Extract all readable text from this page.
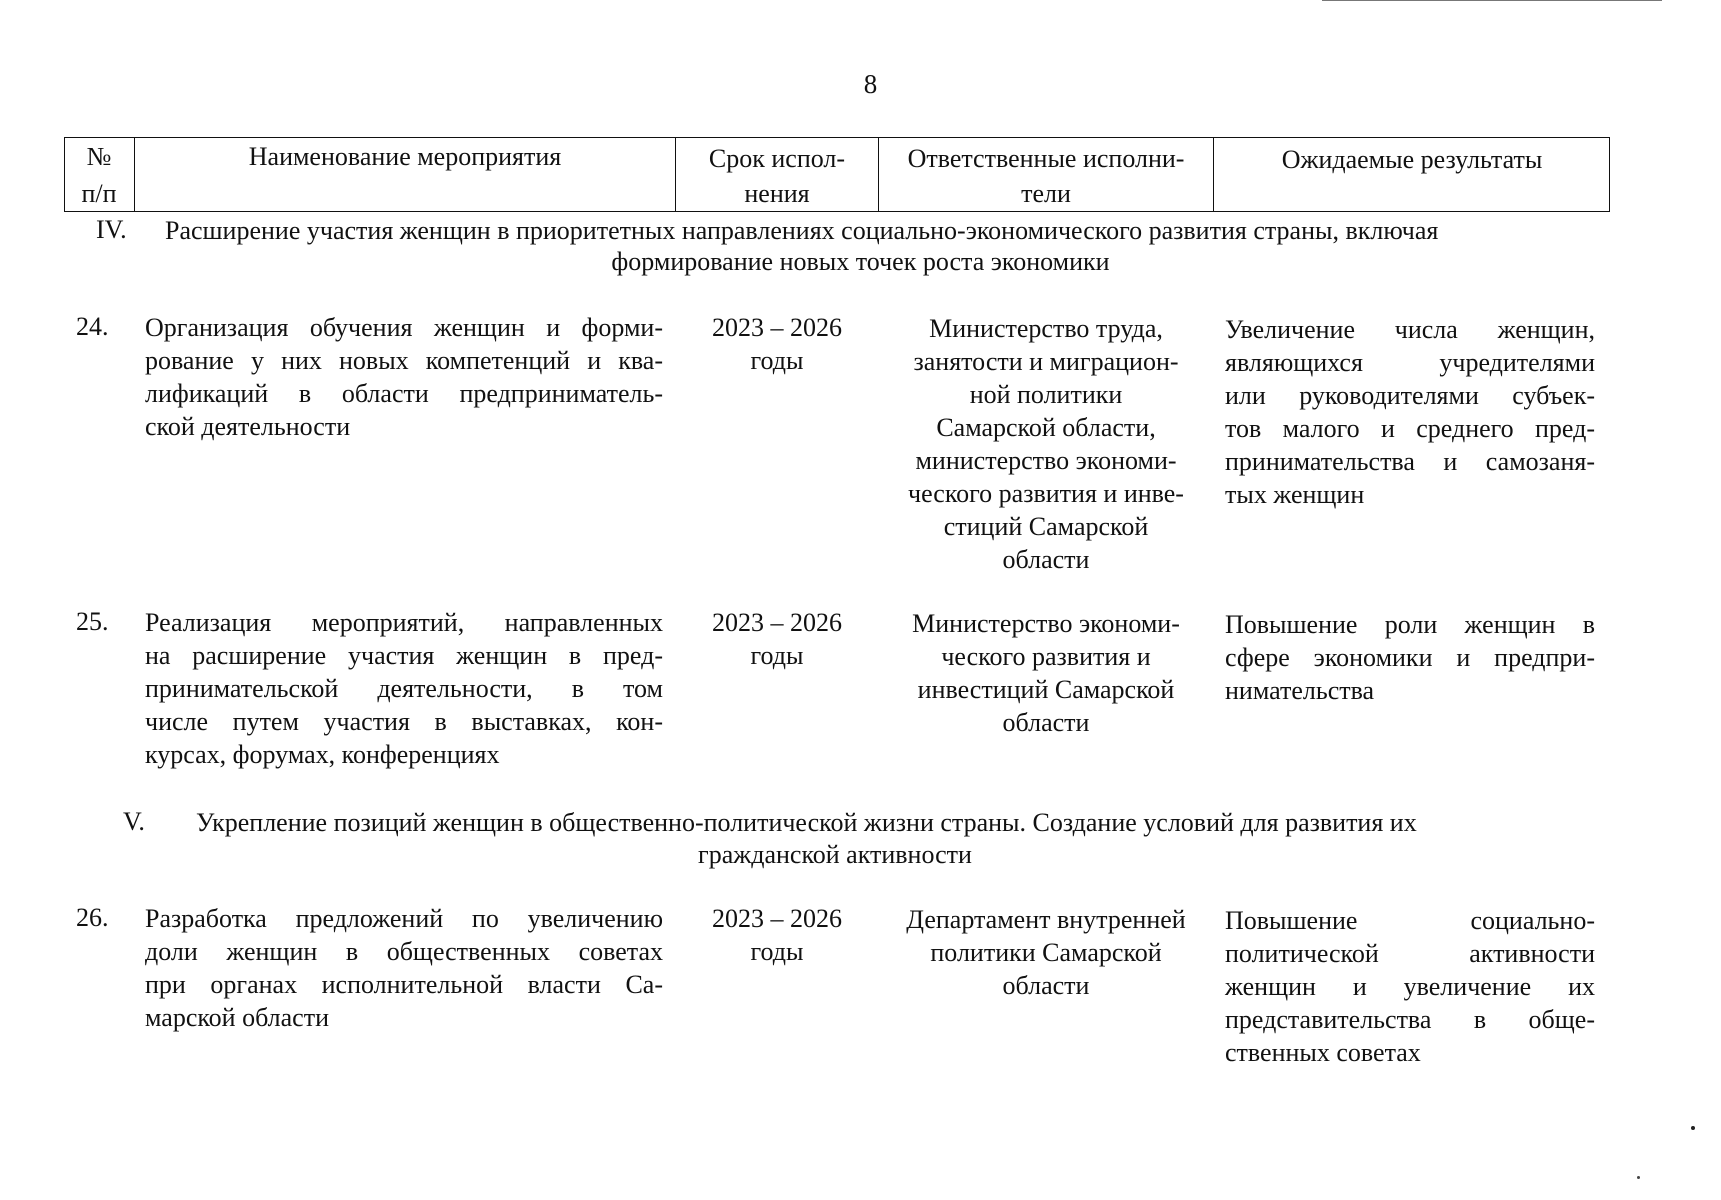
8
№
п/п
Наименование мероприятия	Срок испол-
нения
Ответственные исполни-
тели
Ожидаемые результаты
IV. Расширение участия женщин в приоритетных направлениях социально-экономического развития страны, включая
формирование новых точек роста экономики
24. Организация обучения женщин и форми-
рование у них новых компетенций и ква-
лификаций в области предприниматель-
ской деятельности
2023 – 2026
годы
Министерство труда,
занятости и миграцион-
ной политики
Самарской области,
министерство экономи-
ческого развития и инве-
стиций Самарской
области
Увеличение числа женщин,
являющихся учредителями
или руководителями субъек-
тов малого и среднего пред-
принимательства и самозаня-
тых женщин
25. Реализация мероприятий, направленных
на расширение участия женщин в пред-
принимательской деятельности, в том
числе путем участия в выставках, кон-
курсах, форумах, конференциях
2023 – 2026
годы
Министерство экономи-
ческого развития и
инвестиций Самарской
области
Повышение роли женщин в
сфере экономики и предпри-
нимательства
V. Укрепление позиций женщин в общественно-политической жизни страны. Создание условий для развития их
гражданской активности
26. Разработка предложений по увеличению
доли женщин в общественных советах
при органах исполнительной власти Са-
марской области
2023 – 2026
годы
Департамент внутренней
политики Самарской
области
Повышение социально-
политической активности
женщин и увеличение их
представительства в обще-
ственных советах
